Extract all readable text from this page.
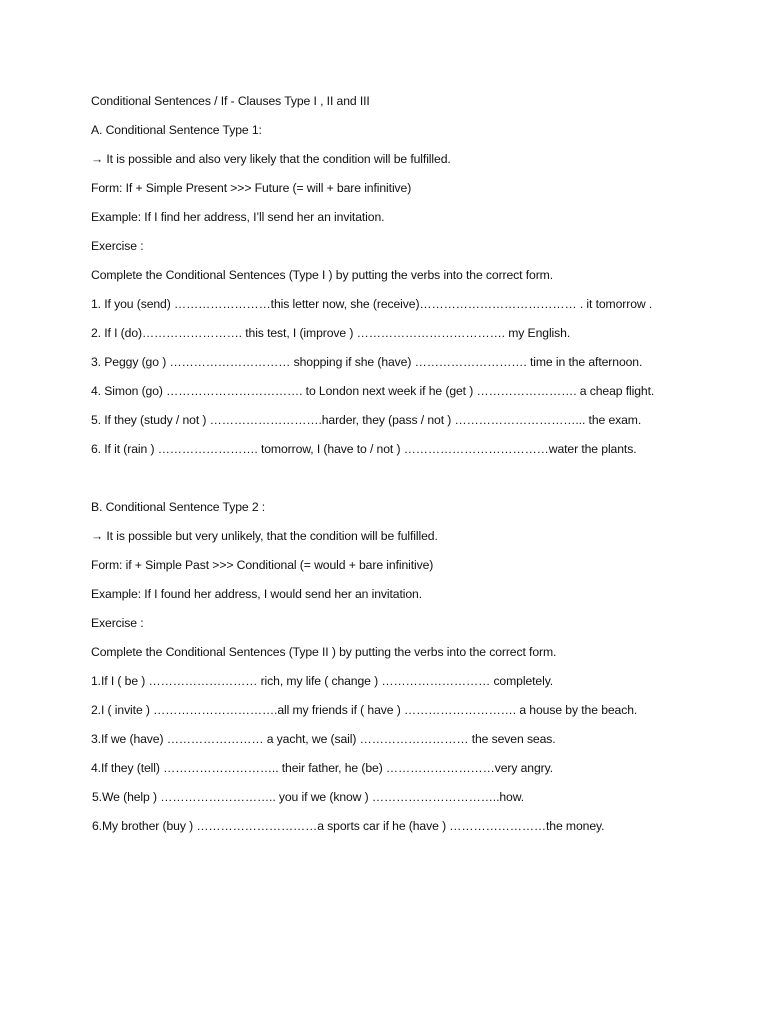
Conditional Sentences / If - Clauses Type I , II and III
A. Conditional Sentence Type 1:
→ It is possible and also very likely that the condition will be fulfilled.
Form: If + Simple Present >>> Future (= will + bare infinitive)
Example: If I find her address, I’ll send her an invitation.
Exercise :
Complete the Conditional Sentences (Type I ) by putting the verbs into the correct form.
1. If you (send) ……………………this letter now, she (receive)………………………………… . it tomorrow .
2. If I (do)……………………. this test, I (improve ) ………………………………. my English.
3. Peggy (go ) ………………………… shopping if she (have) ………………………. time in the afternoon.
4. Simon (go) ……………………………. to London next week if he (get ) ……………………. a cheap flight.
5. If they (study / not ) ……………………….harder, they (pass / not ) …………………………... the exam.
6. If it (rain ) ……………………. tomorrow, I (have to / not ) ………………………………water the plants.
B. Conditional Sentence Type 2 :
→ It is possible but very unlikely, that the condition will be fulfilled.
Form: if + Simple Past >>> Conditional (= would + bare infinitive)
Example: If I found her address, I would send her an invitation.
Exercise :
Complete the Conditional Sentences (Type II ) by putting the verbs into the correct form.
1.If I ( be ) ……………………… rich, my life ( change ) ……………………… completely.
2.I ( invite ) ………………………….all my friends if ( have ) ………………………. a house by the beach.
3.If we (have) …………………… a yacht, we (sail) ……………………… the seven seas.
4.If they (tell) ……………………….. their father, he (be) ………………………very angry.
5.We (help ) ……………………….. you if we (know ) …………………………..how.
6.My brother (buy ) …………………………a sports car if he (have ) ……………………the money.
